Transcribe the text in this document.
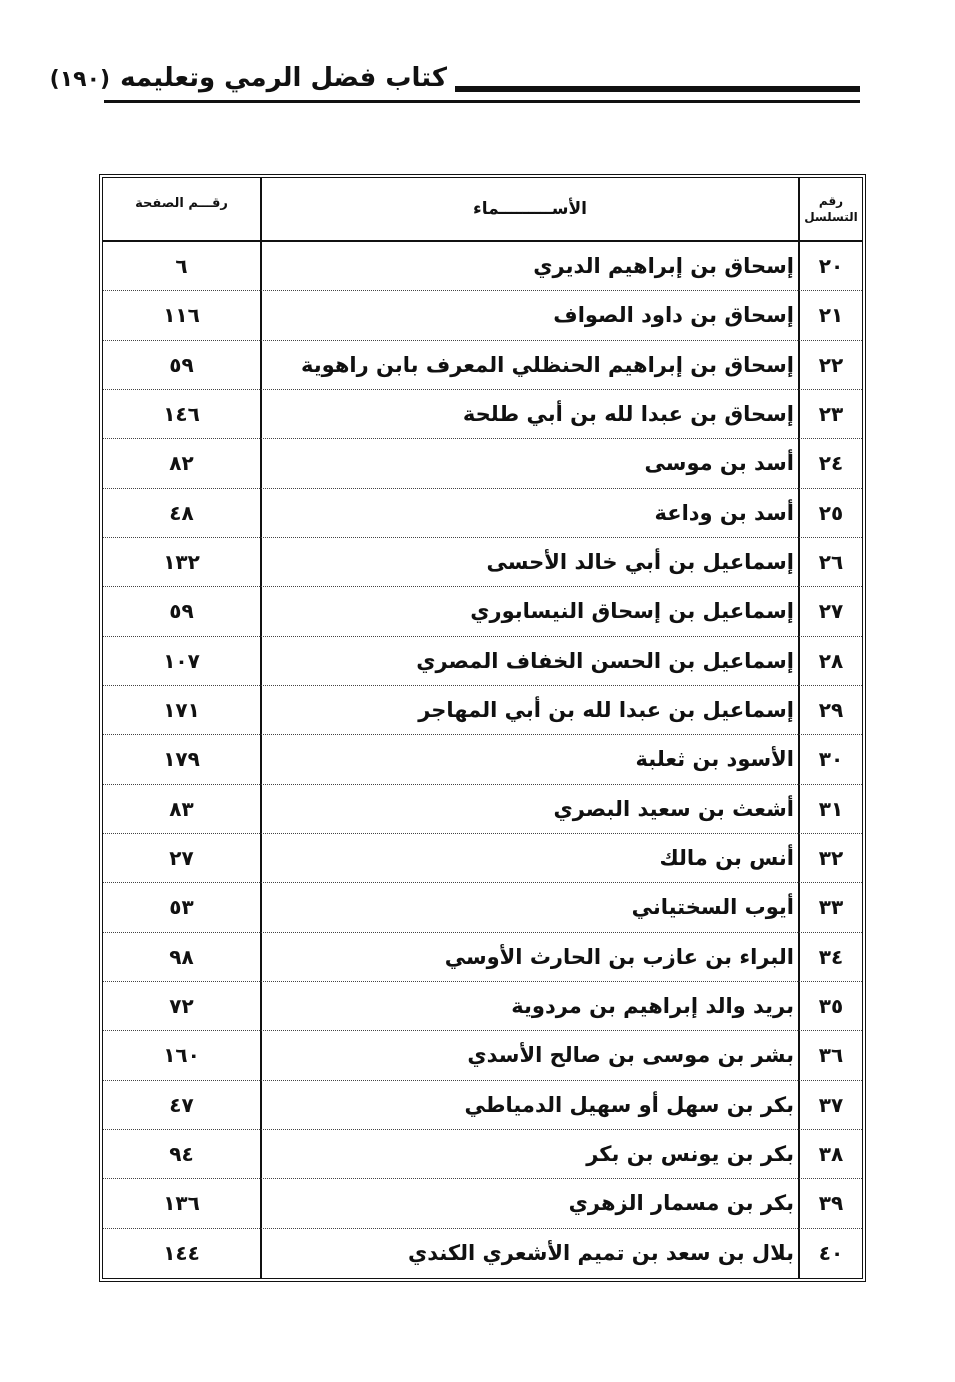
كتاب فضل الرمي وتعليمه(١٩٠)
رقم
التسلسل
الأســـــــــماء
رقـــم الصفحة
٢٠
إسحاق بن إبراهيم الديري
٦
٢١
إسحاق بن داود الصواف
١١٦
٢٢
إسحاق بن إبراهيم الحنظلي المعرف بابن راهوية
٥٩
٢٣
إسحاق بن عبدا لله بن أبي طلحة
١٤٦
٢٤
أسد بن موسى
٨٢
٢٥
أسد بن وداعة
٤٨
٢٦
إسماعيل بن أبي خالد الأحسى
١٣٢
٢٧
إسماعيل بن إسحاق النيسابوري
٥٩
٢٨
إسماعيل بن الحسن الخفاف المصري
١٠٧
٢٩
إسماعيل بن عبدا لله بن أبي المهاجر
١٧١
٣٠
الأسود بن ثعلبة
١٧٩
٣١
أشعث بن سعيد البصري
٨٣
٣٢
أنس بن مالك
٢٧
٣٣
أيوب السختياني
٥٣
٣٤
البراء بن عازب بن الحارث الأوسي
٩٨
٣٥
بريد والد إبراهيم بن مردوية
٧٢
٣٦
بشر بن موسى بن صالح الأسدي
١٦٠
٣٧
بكر بن سهل أو سهيل الدمياطي
٤٧
٣٨
بكر بن يونس بن بكر
٩٤
٣٩
بكر بن مسمار الزهري
١٣٦
٤٠
بلال بن سعد بن تميم الأشعري الكندي
١٤٤
